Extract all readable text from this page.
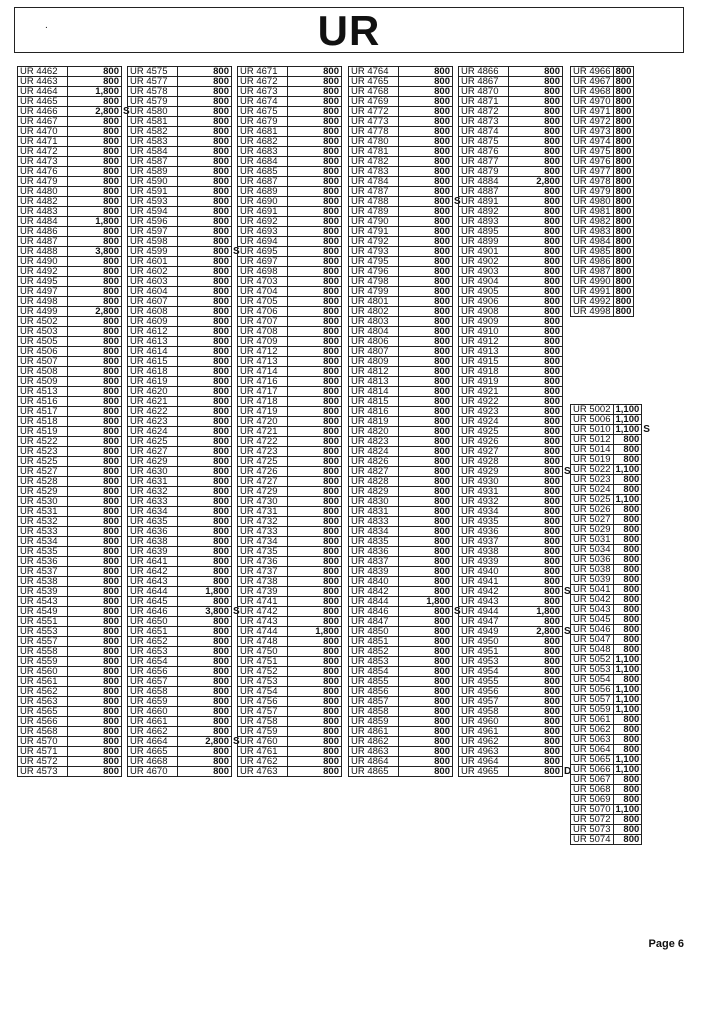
.	UR
UR 4462	800	
UR 4463	800	
UR 4464	1,800	
UR 4465	800	
UR 4466	2,800	S
UR 4467	800	
UR 4470	800	
UR 4471	800	
UR 4472	800	
UR 4473	800	
UR 4476	800	
UR 4479	800	
UR 4480	800	
UR 4482	800	
UR 4483	800	
UR 4484	1,800	
UR 4486	800	
UR 4487	800	
UR 4488	3,800	
UR 4490	800	
UR 4492	800	
UR 4495	800	
UR 4497	800	
UR 4498	800	
UR 4499	2,800	
UR 4502	800	
UR 4503	800	
UR 4505	800	
UR 4506	800	
UR 4507	800	
UR 4508	800	
UR 4509	800	
UR 4513	800	
UR 4516	800	
UR 4517	800	
UR 4518	800	
UR 4519	800	
UR 4522	800	
UR 4523	800	
UR 4525	800	
UR 4527	800	
UR 4528	800	
UR 4529	800	
UR 4530	800	
UR 4531	800	
UR 4532	800	
UR 4533	800	
UR 4534	800	
UR 4535	800	
UR 4536	800	
UR 4537	800	
UR 4538	800	
UR 4539	800	
UR 4543	800	
UR 4549	800	
UR 4551	800	
UR 4553	800	
UR 4557	800	
UR 4558	800	
UR 4559	800	
UR 4560	800	
UR 4561	800	
UR 4562	800	
UR 4563	800	
UR 4565	800	
UR 4566	800	
UR 4568	800	
UR 4570	800	
UR 4571	800	
UR 4572	800	
UR 4573	800	
UR 4575	800	
UR 4577	800	
UR 4578	800	
UR 4579	800	
UR 4580	800	
UR 4581	800	
UR 4582	800	
UR 4583	800	
UR 4584	800	
UR 4587	800	
UR 4589	800	
UR 4590	800	
UR 4591	800	
UR 4593	800	
UR 4594	800	
UR 4596	800	
UR 4597	800	
UR 4598	800	
UR 4599	800	S
UR 4601	800	
UR 4602	800	
UR 4603	800	
UR 4604	800	
UR 4607	800	
UR 4608	800	
UR 4609	800	
UR 4612	800	
UR 4613	800	
UR 4614	800	
UR 4615	800	
UR 4618	800	
UR 4619	800	
UR 4620	800	
UR 4621	800	
UR 4622	800	
UR 4623	800	
UR 4624	800	
UR 4625	800	
UR 4627	800	
UR 4629	800	
UR 4630	800	
UR 4631	800	
UR 4632	800	
UR 4633	800	
UR 4634	800	
UR 4635	800	
UR 4636	800	
UR 4638	800	
UR 4639	800	
UR 4641	800	
UR 4642	800	
UR 4643	800	
UR 4644	1,800	
UR 4645	800	
UR 4646	3,800	S
UR 4650	800	
UR 4651	800	
UR 4652	800	
UR 4653	800	
UR 4654	800	
UR 4656	800	
UR 4657	800	
UR 4658	800	
UR 4659	800	
UR 4660	800	
UR 4661	800	
UR 4662	800	
UR 4664	2,800	S
UR 4665	800	
UR 4668	800	
UR 4670	800	
UR 4671	800	
UR 4672	800	
UR 4673	800	
UR 4674	800	
UR 4675	800	
UR 4679	800	
UR 4681	800	
UR 4682	800	
UR 4683	800	
UR 4684	800	
UR 4685	800	
UR 4687	800	
UR 4689	800	
UR 4690	800	
UR 4691	800	
UR 4692	800	
UR 4693	800	
UR 4694	800	
UR 4695	800	
UR 4697	800	
UR 4698	800	
UR 4703	800	
UR 4704	800	
UR 4705	800	
UR 4706	800	
UR 4707	800	
UR 4708	800	
UR 4709	800	
UR 4712	800	
UR 4713	800	
UR 4714	800	
UR 4716	800	
UR 4717	800	
UR 4718	800	
UR 4719	800	
UR 4720	800	
UR 4721	800	
UR 4722	800	
UR 4723	800	
UR 4725	800	
UR 4726	800	
UR 4727	800	
UR 4729	800	
UR 4730	800	
UR 4731	800	
UR 4732	800	
UR 4733	800	
UR 4734	800	
UR 4735	800	
UR 4736	800	
UR 4737	800	
UR 4738	800	
UR 4739	800	
UR 4741	800	
UR 4742	800	
UR 4743	800	
UR 4744	1,800	
UR 4748	800	
UR 4750	800	
UR 4751	800	
UR 4752	800	
UR 4753	800	
UR 4754	800	
UR 4756	800	
UR 4757	800	
UR 4758	800	
UR 4759	800	
UR 4760	800	
UR 4761	800	
UR 4762	800	
UR 4763	800	
UR 4764	800	
UR 4765	800	
UR 4768	800	
UR 4769	800	
UR 4772	800	
UR 4773	800	
UR 4778	800	
UR 4780	800	
UR 4781	800	
UR 4782	800	
UR 4783	800	
UR 4784	800	
UR 4787	800	
UR 4788	800	S
UR 4789	800	
UR 4790	800	
UR 4791	800	
UR 4792	800	
UR 4793	800	
UR 4795	800	
UR 4796	800	
UR 4798	800	
UR 4799	800	
UR 4801	800	
UR 4802	800	
UR 4803	800	
UR 4804	800	
UR 4806	800	
UR 4807	800	
UR 4809	800	
UR 4812	800	
UR 4813	800	
UR 4814	800	
UR 4815	800	
UR 4816	800	
UR 4819	800	
UR 4820	800	
UR 4823	800	
UR 4824	800	
UR 4826	800	
UR 4827	800	
UR 4828	800	
UR 4829	800	
UR 4830	800	
UR 4831	800	
UR 4833	800	
UR 4834	800	
UR 4835	800	
UR 4836	800	
UR 4837	800	
UR 4839	800	
UR 4840	800	
UR 4842	800	
UR 4844	1,800	
UR 4846	800	S
UR 4847	800	
UR 4850	800	
UR 4851	800	
UR 4852	800	
UR 4853	800	
UR 4854	800	
UR 4855	800	
UR 4856	800	
UR 4857	800	
UR 4858	800	
UR 4859	800	
UR 4861	800	
UR 4862	800	
UR 4863	800	
UR 4864	800	
UR 4865	800	
UR 4866	800	
UR 4867	800	
UR 4870	800	
UR 4871	800	
UR 4872	800	
UR 4873	800	
UR 4874	800	
UR 4875	800	
UR 4876	800	
UR 4877	800	
UR 4879	800	
UR 4884	2,800	
UR 4887	800	
UR 4891	800	
UR 4892	800	
UR 4893	800	
UR 4895	800	
UR 4899	800	
UR 4901	800	
UR 4902	800	
UR 4903	800	
UR 4904	800	
UR 4905	800	
UR 4906	800	
UR 4908	800	
UR 4909	800	
UR 4910	800	
UR 4912	800	
UR 4913	800	
UR 4915	800	
UR 4918	800	
UR 4919	800	
UR 4921	800	
UR 4922	800	
UR 4923	800	
UR 4924	800	
UR 4925	800	
UR 4926	800	
UR 4927	800	
UR 4928	800	
UR 4929	800	S
UR 4930	800	
UR 4931	800	
UR 4932	800	
UR 4934	800	
UR 4935	800	
UR 4936	800	
UR 4937	800	
UR 4938	800	
UR 4939	800	
UR 4940	800	
UR 4941	800	
UR 4942	800	S
UR 4943	800	
UR 4944	1,800	
UR 4947	800	
UR 4949	2,800	S
UR 4950	800	
UR 4951	800	
UR 4953	800	
UR 4954	800	
UR 4955	800	
UR 4956	800	
UR 4957	800	
UR 4958	800	
UR 4960	800	
UR 4961	800	
UR 4962	800	
UR 4963	800	
UR 4964	800	
UR 4965	800	D
UR 4966	800	
UR 4967	800	
UR 4968	800	
UR 4970	800	
UR 4971	800	
UR 4972	800	
UR 4973	800	
UR 4974	800	
UR 4975	800	
UR 4976	800	
UR 4977	800	
UR 4978	800	
UR 4979	800	
UR 4980	800	
UR 4981	800	
UR 4982	800	
UR 4983	800	
UR 4984	800	
UR 4985	800	
UR 4986	800	
UR 4987	800	
UR 4990	800	
UR 4991	800	
UR 4992	800	
UR 4998	800	
UR 5002	1,100	
UR 5006	1,100	
UR 5010	1,100	S
UR 5012	800	
UR 5014	800	
UR 5019	800	
UR 5022	1,100	
UR 5023	800	
UR 5024	800	
UR 5025	1,100	
UR 5026	800	
UR 5027	800	
UR 5029	800	
UR 5031	800	
UR 5034	800	
UR 5036	800	
UR 5038	800	
UR 5039	800	
UR 5041	800	
UR 5042	800	
UR 5043	800	
UR 5045	800	
UR 5046	800	
UR 5047	800	
UR 5048	800	
UR 5052	1,100	
UR 5053	1,100	
UR 5054	800	
UR 5056	1,100	
UR 5057	1,100	
UR 5059	1,100	
UR 5061	800	
UR 5062	800	
UR 5063	800	
UR 5064	800	
UR 5065	1,100	
UR 5066	1,100	
UR 5067	800	
UR 5068	800	
UR 5069	800	
UR 5070	1,100	
UR 5072	800	
UR 5073	800	
UR 5074	800	
Page 6
